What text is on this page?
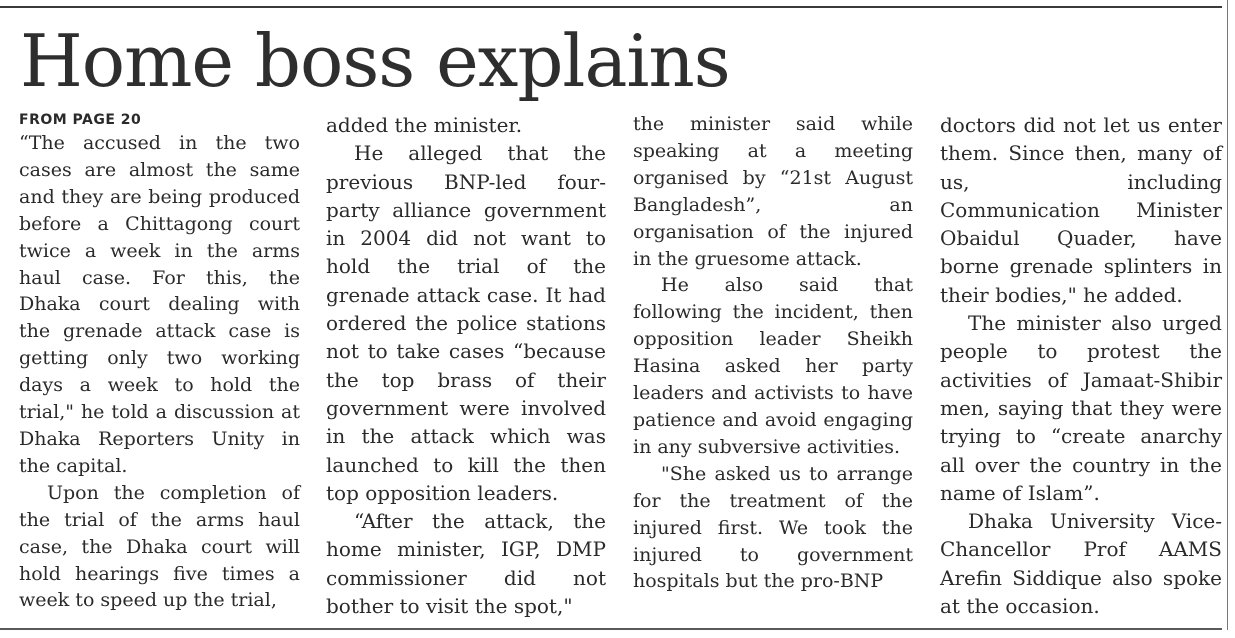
Home boss explains
FROM PAGE 20

“The accused in the two cases are almost the same and they are being produced before a Chittagong court twice a week in the arms haul case. For this, the Dhaka court dealing with the grenade attack case is getting only two working days a week to hold the trial," he told a discussion at Dhaka Reporters Unity in the capital.

Upon the completion of the trial of the arms haul case, the Dhaka court will hold hearings five times a week to speed up the trial,

added the minister.

He alleged that the previous BNP-led four-party alliance government in 2004 did not want to hold the trial of the grenade attack case. It had ordered the police stations not to take cases “because the top brass of their government were involved in the attack which was launched to kill the then top opposition leaders.

“After the attack, the home minister, IGP, DMP commissioner did not bother to visit the spot,"

the minister said while speaking at a meeting organised by “21st August Bangladesh”, an organisation of the injured in the gruesome attack.

He also said that following the incident, then opposition leader Sheikh Hasina asked her party leaders and activists to have patience and avoid engaging in any subversive activities.

"She asked us to arrange for the treatment of the injured first. We took the injured to government hospitals but the pro-BNP

doctors did not let us enter them. Since then, many of us, including Communication Minister Obaidul Quader, have borne grenade splinters in their bodies," he added.

The minister also urged people to protest the activities of Jamaat-Shibir men, saying that they were trying to “create anarchy all over the country in the name of Islam”.

Dhaka University Vice-Chancellor Prof AAMS Arefin Siddique also spoke at the occasion.
